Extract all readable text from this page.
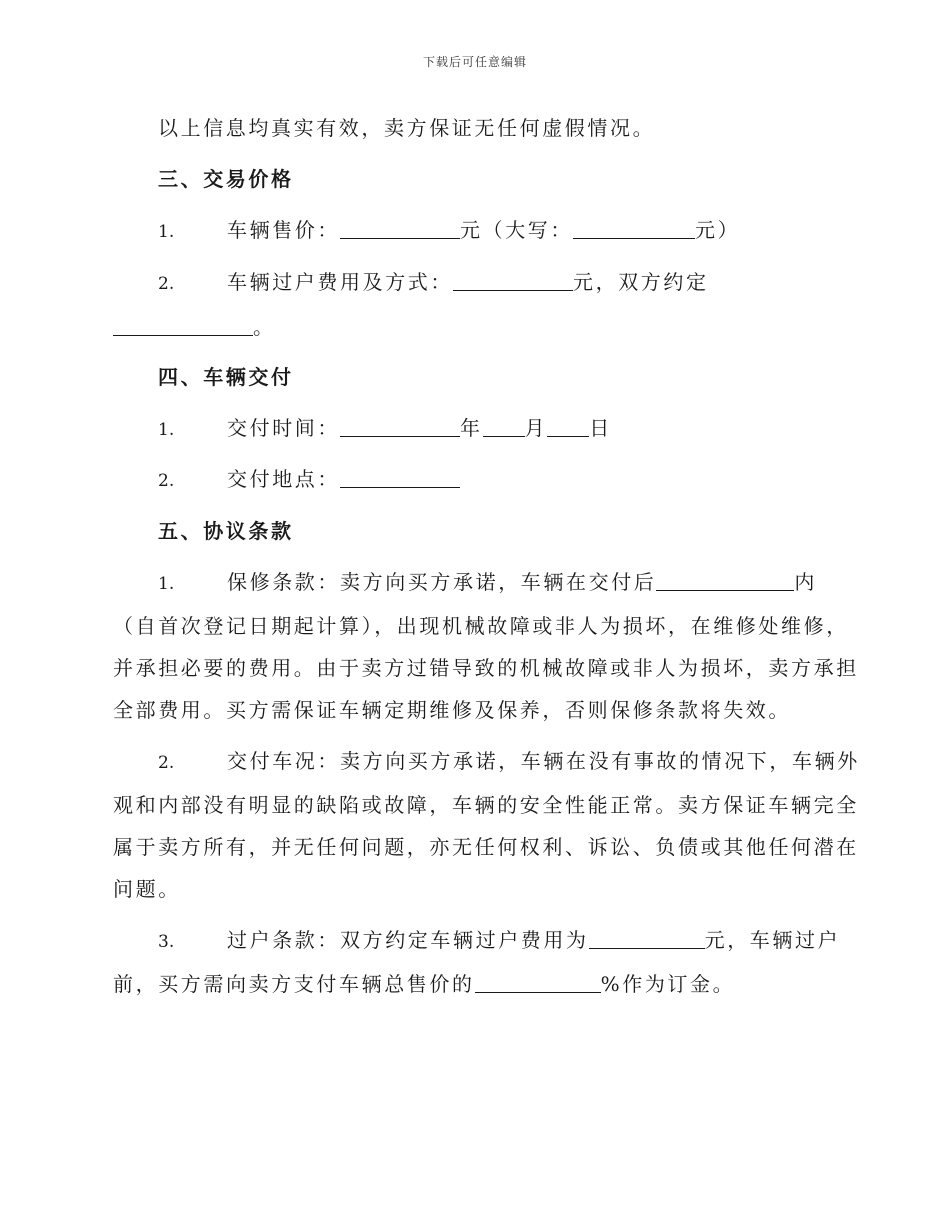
下载后可任意编辑
以上信息均真实有效，卖方保证无任何虚假情况。
三、交易价格
1.	车辆售价：	元（大写：	元）
2.	车辆过户费用及方式：	元，双方约定
。
四、车辆交付
1.	交付时间：	年 月 日
2.	交付地点：
五、协议条款
1.	保修条款：卖方向买方承诺，车辆在交付后	内
（自首次登记日期起计算），出现机械故障或非人为损坏，在维修处维修，
并承担必要的费用。由于卖方过错导致的机械故障或非人为损坏，卖方承担
全部费用。买方需保证车辆定期维修及保养，否则保修条款将失效。
2.	交付车况：卖方向买方承诺，车辆在没有事故的情况下，车辆外
观和内部没有明显的缺陷或故障，车辆的安全性能正常。卖方保证车辆完全
属于卖方所有，并无任何问题，亦无任何权利、诉讼、负债或其他任何潜在
问题。
3.	过户条款：双方约定车辆过户费用为	元，车辆过户
前，买方需向卖方支付车辆总售价的	%作为订金。
